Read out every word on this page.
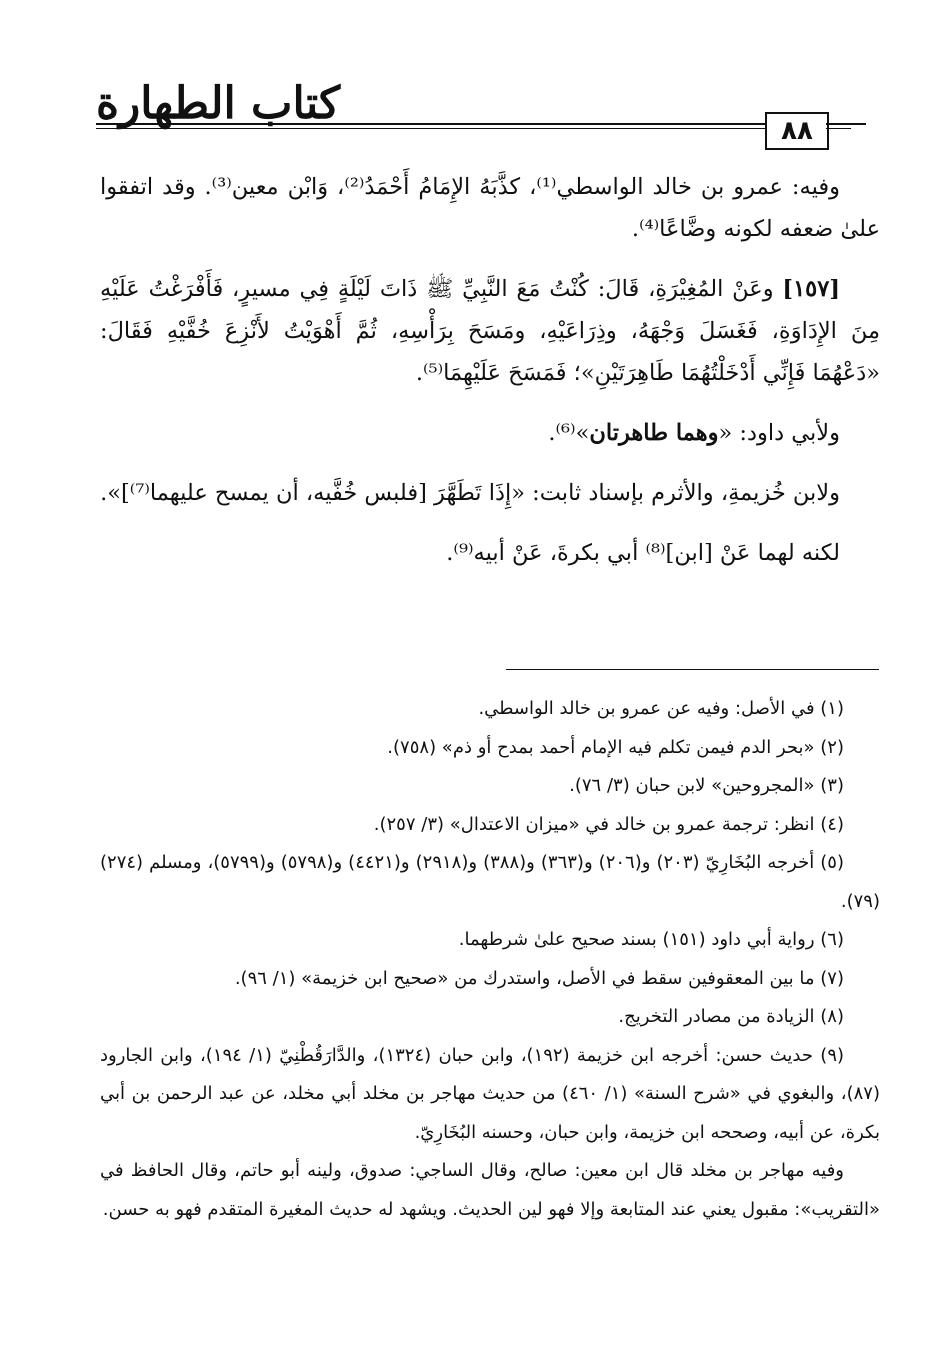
كتاب الطهارة
٨٨

وفيه: عمرو بن خالد الواسطي⁽¹⁾، كذَّبَهُ الإِمَامُ أَحْمَدُ⁽²⁾، وَابْن معين⁽³⁾. وقد اتفقوا علىٰ ضعفه لكونه وضَّاعًا⁽⁴⁾.

[١٥٧] وعَنْ المُغِيْرَةِ، قَالَ: كُنْتُ مَعَ النَّبِيِّ ﷺ ذَاتَ لَيْلَةٍ فِي مسيرٍ، فَأَفْرَغْتُ عَلَيْهِ مِنَ الإِدَاوَةِ، فَغَسَلَ وَجْهَهُ، وذِرَاعَيْهِ، ومَسَحَ بِرَأْسِهِ، ثُمَّ أَهْوَيْتُ لأَنْزِعَ خُفَّيْهِ فَقَالَ: «دَعْهُمَا فَإِنِّي أَدْخَلْتُهُمَا طَاهِرَتَيْنِ»؛ فَمَسَحَ عَلَيْهِمَا⁽⁵⁾.

ولأبي داود: «وهما طاهرتان»⁽⁶⁾.

ولابن خُزيمةِ، والأثرم بإسناد ثابت: «إِذَا تَطَهَّرَ [فلبس خُفَّيه، أن يمسح عليهما⁽⁷⁾]».

لكنه لهما عَنْ [ابن]⁽⁸⁾ أبي بكرةَ، عَنْ أبيه⁽⁹⁾.

(١) في الأصل: وفيه عن عمرو بن خالد الواسطي.

(٢) «بحر الدم فيمن تكلم فيه الإمام أحمد بمدح أو ذم» (٧٥٨).

(٣) «المجروحين» لابن حبان (٣/ ٧٦).

(٤) انظر: ترجمة عمرو بن خالد في «ميزان الاعتدال» (٣/ ٢٥٧).

(٥) أخرجه البُخَارِيّ (٢٠٣) و(٢٠٦) و(٣٦٣) و(٣٨٨) و(٢٩١٨) و(٤٤٢١) و(٥٧٩٨) و(٥٧٩٩)، ومسلم (٢٧٤) (٧٩).

(٦) رواية أبي داود (١٥١) بسند صحيح علىٰ شرطهما.

(٧) ما بين المعقوفين سقط في الأصل، واستدرك من «صحيح ابن خزيمة» (١/ ٩٦).

(٨) الزيادة من مصادر التخريج.

(٩) حديث حسن: أخرجه ابن خزيمة (١٩٢)، وابن حبان (١٣٢٤)، والدَّارَقُطْنِيّ (١/ ١٩٤)، وابن الجارود (٨٧)، والبغوي في «شرح السنة» (١/ ٤٦٠) من حديث مهاجر بن مخلد أبي مخلد، عن عبد الرحمن بن أبي بكرة، عن أبيه، وصححه ابن خزيمة، وابن حبان، وحسنه البُخَارِيّ.

وفيه مهاجر بن مخلد قال ابن معين: صالح، وقال الساجي: صدوق، ولينه أبو حاتم، وقال الحافظ في «التقريب»: مقبول يعني عند المتابعة وإلا فهو لين الحديث. ويشهد له حديث المغيرة المتقدم فهو به حسن.
